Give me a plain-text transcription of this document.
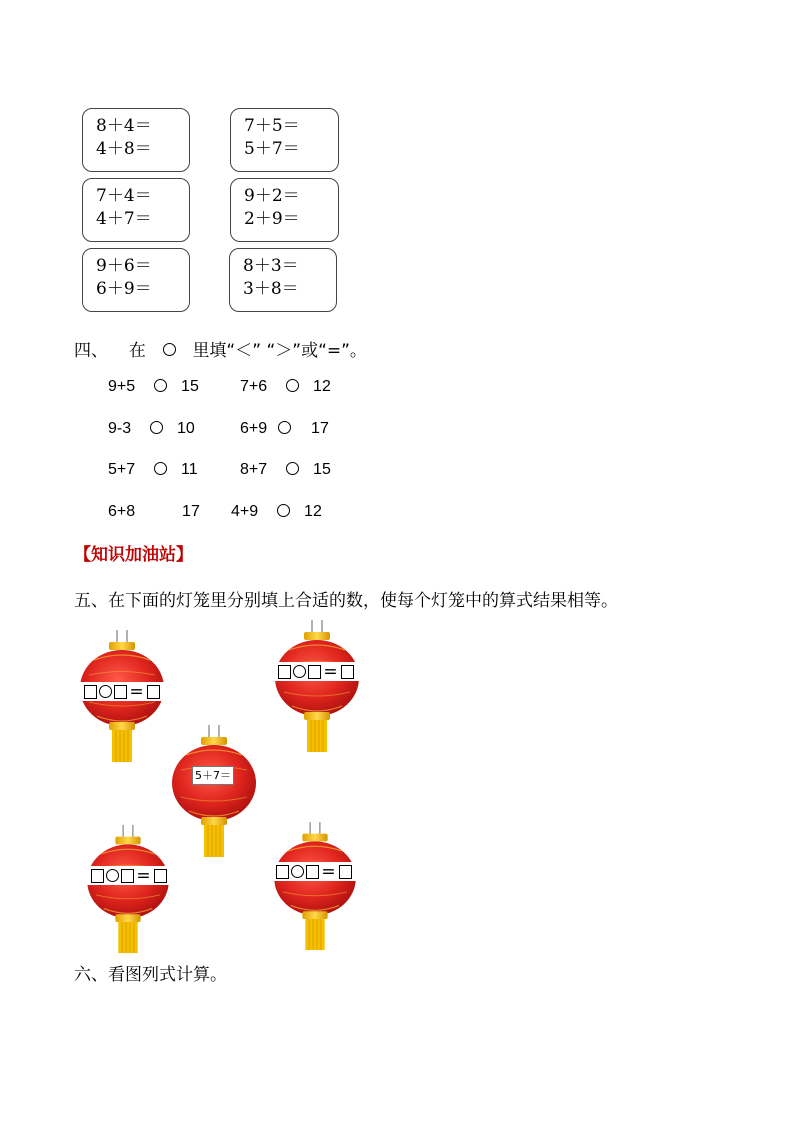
8＋4＝
4＋8＝
7＋5＝
5＋7＝
7＋4＝
4＋7＝
9＋2＝
2＋9＝
9＋6＝
6＋9＝
8＋3＝
3＋8＝
四、 在	里填“＜” “＞”或“=”。
9+5	15	7+6	12
9-3	10	6+9	17
5+7	11	8+7	15
6+8	17 4+9	12
【知识加油站】
五、在下面的灯笼里分别填上合适的数，使每个灯笼中的算式结果相等。
=
=
5＋7＝
=	=
六、看图列式计算。
